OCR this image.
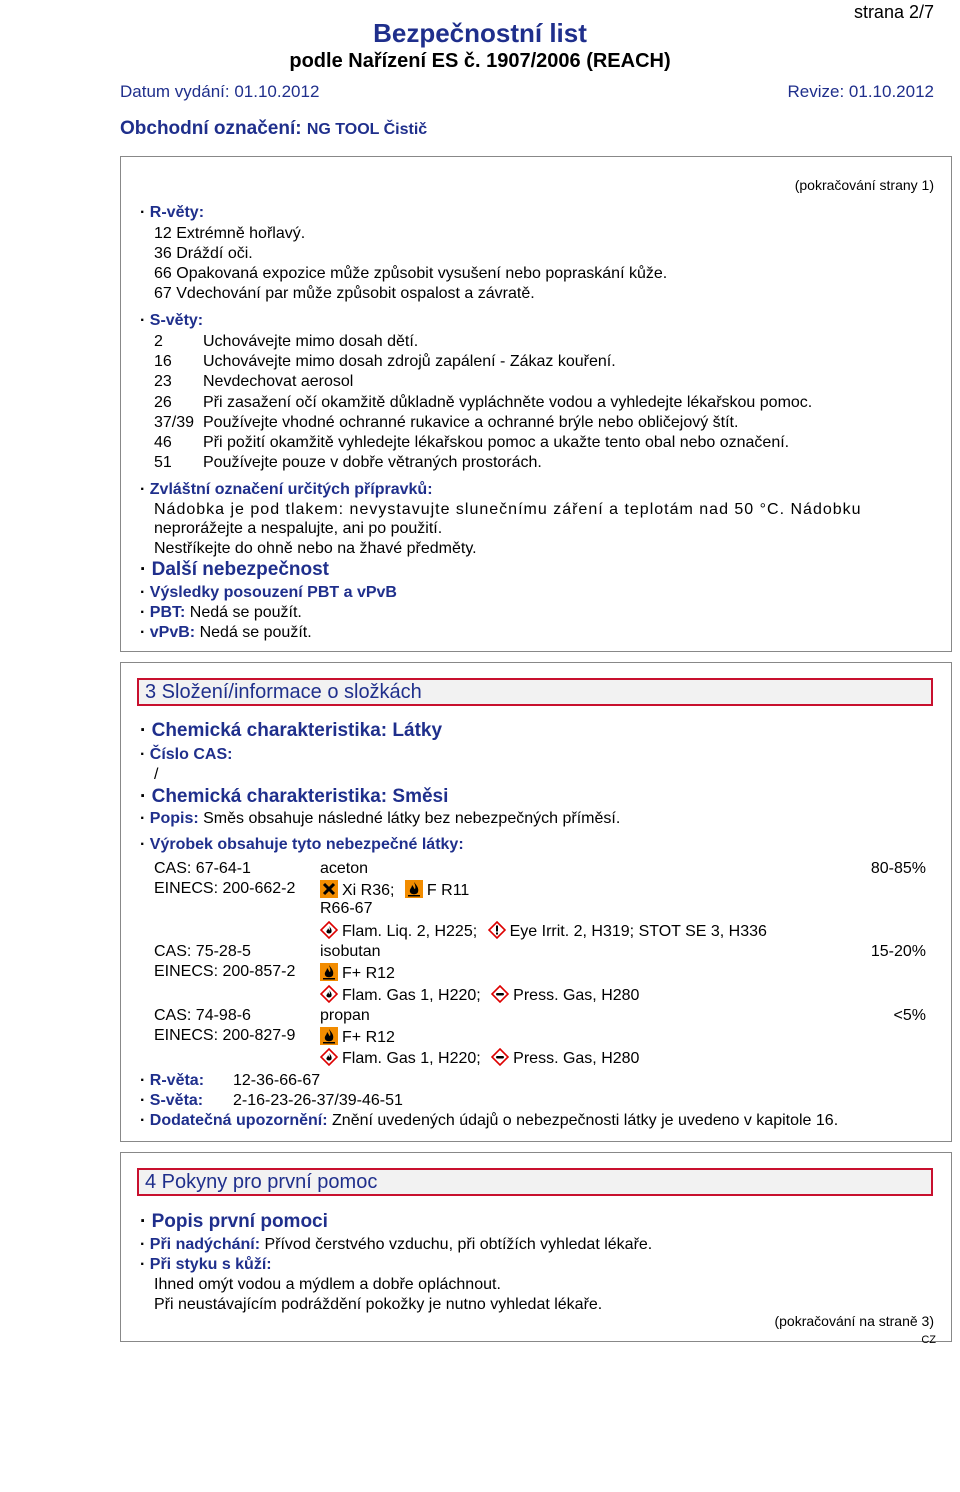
strana 2/7
Bezpečnostní list
podle Nařízení ES č. 1907/2006 (REACH)
Datum vydání: 01.10.2012	Revize: 01.10.2012
Obchodní označení: NG TOOL Čistič
(pokračování strany 1)
· R-věty:
12 Extrémně hořlavý.
36 Dráždí oči.
66 Opakovaná expozice může způsobit vysušení nebo popraskání kůže.
67 Vdechování par může způsobit ospalost a závratě.
· S-věty:
2	Uchovávejte mimo dosah dětí.
16 Uchovávejte mimo dosah zdrojů zapálení - Zákaz kouření.
23 Nevdechovat aerosol
26 Při zasažení očí okamžitě důkladně vypláchněte vodou a vyhledejte lékařskou pomoc.
37/39 Používejte vhodné ochranné rukavice a ochranné brýle nebo obličejový štít.
46 Při požití okamžitě vyhledejte lékařskou pomoc a ukažte tento obal nebo označení.
51 Používejte pouze v dobře větraných prostorách.
· Zvláštní označení určitých přípravků:
Nádobka je pod tlakem: nevystavujte slunečnímu záření a teplotám nad 50 °C. Nádobku
neprorážejte a nespalujte, ani po použití.
Nestříkejte do ohně nebo na žhavé předměty.
· Další nebezpečnost
· Výsledky posouzení PBT a vPvB
· PBT: Nedá se použít.
· vPvB: Nedá se použít.
3 Složení/informace o složkách
· Chemická charakteristika: Látky
· Číslo CAS:
/
· Chemická charakteristika: Směsi
· Popis: Směs obsahuje následné látky bez nebezpečných příměsí.
· Výrobek obsahuje tyto nebezpečné látky:
CAS: 67-64-1
EINECS: 200-662-2
aceton
Xi R36; F R11
R66-67
Flam. Liq. 2, H225; Eye Irrit. 2, H319; STOT SE 3, H336
80-85%
CAS: 75-28-5
EINECS: 200-857-2
isobutan
F+ R12
Flam. Gas 1, H220; Press. Gas, H280
15-20%
CAS: 74-98-6
EINECS: 200-827-9
propan
F+ R12
Flam. Gas 1, H220; Press. Gas, H280
<5%
· R-věta: 12-36-66-67
· S-věta: 2-16-23-26-37/39-46-51
· Dodatečná upozornění: Znění uvedených údajů o nebezpečnosti látky je uvedeno v kapitole 16.
4 Pokyny pro první pomoc
· Popis první pomoci
· Při nadýchání: Přívod čerstvého vzduchu, při obtížích vyhledat lékaře.
· Při styku s kůží:
Ihned omýt vodou a mýdlem a dobře opláchnout.
Při neustávajícím podráždění pokožky je nutno vyhledat lékaře.
(pokračování na straně 3)
CZ
